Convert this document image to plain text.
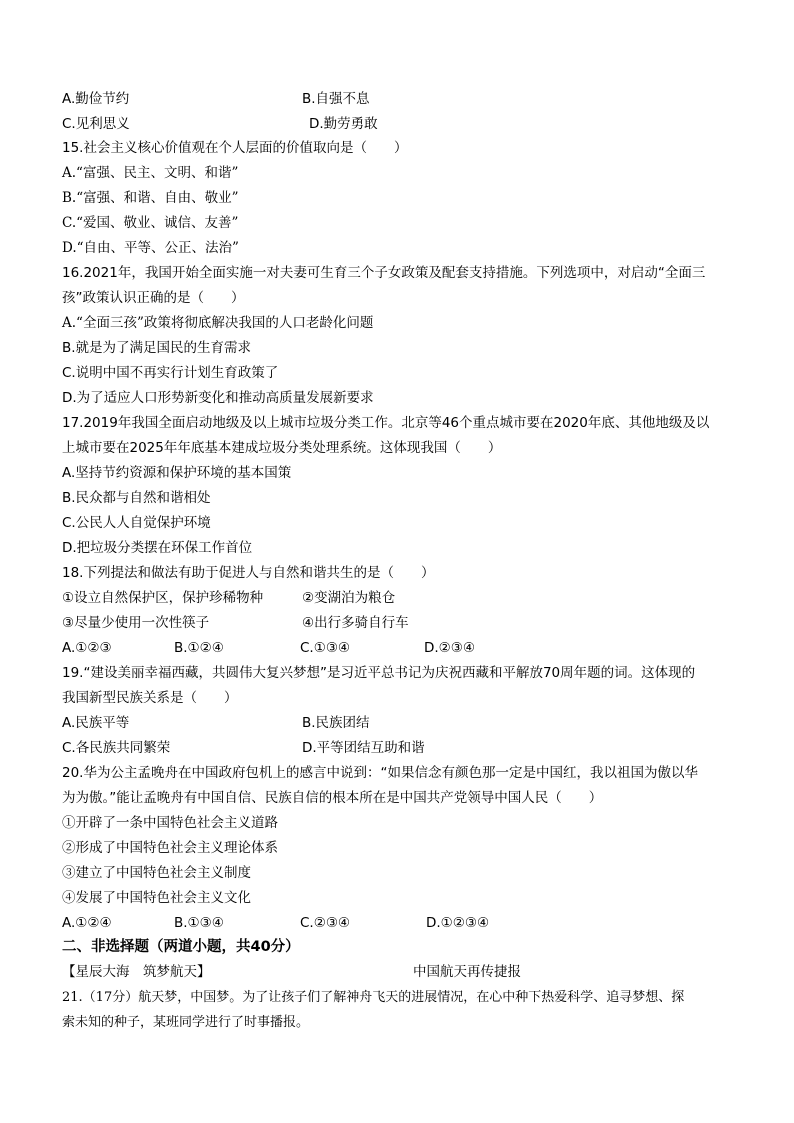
A.勤俭节约	B.自强不息
C.见利思义	D.勤劳勇敢
15.社会主义核心价值观在个人层面的价值取向是（　　）
A.“富强、民主、文明、和谐”
B.“富强、和谐、自由、敬业”
C.“爱国、敬业、诚信、友善”
D.“自由、平等、公正、法治”
16.2021年，我国开始全面实施一对夫妻可生育三个子女政策及配套支持措施。下列选项中，对启动“全面三
孩”政策认识正确的是（　　）
A.“全面三孩”政策将彻底解决我国的人口老龄化问题
B.就是为了满足国民的生育需求
C.说明中国不再实行计划生育政策了
D.为了适应人口形势新变化和推动高质量发展新要求
17.2019年我国全面启动地级及以上城市垃圾分类工作。北京等46个重点城市要在2020年底、其他地级及以
上城市要在2025年年底基本建成垃圾分类处理系统。这体现我国（　　）
A.坚持节约资源和保护环境的基本国策
B.民众都与自然和谐相处
C.公民人人自觉保护环境
D.把垃圾分类摆在环保工作首位
18.下列提法和做法有助于促进人与自然和谐共生的是（　　）
①设立自然保护区，保护珍稀物种	②变湖泊为粮仓
③尽量少使用一次性筷子	④出行多骑自行车
A.①②③	B.①②④	C.①③④	D.②③④
19.“建设美丽幸福西藏，共圆伟大复兴梦想”是习近平总书记为庆祝西藏和平解放70周年题的词。这体现的
我国新型民族关系是（　　）
A.民族平等	B.民族团结
C.各民族共同繁荣	D.平等团结互助和谐
20.华为公主孟晚舟在中国政府包机上的感言中说到：“如果信念有颜色那一定是中国红，我以祖国为傲以华
为为傲。”能让孟晚舟有中国自信、民族自信的根本所在是中国共产党领导中国人民（　　）
①开辟了一条中国特色社会主义道路
②形成了中国特色社会主义理论体系
③建立了中国特色社会主义制度
④发展了中国特色社会主义文化
A.①②④	B.①③④	C.②③④	D.①②③④
二、非选择题（两道小题，共40分）
【星辰大海　筑梦航天】	中国航天再传捷报
21.（17分）航天梦，中国梦。为了让孩子们了解神舟飞天的进展情况，在心中种下热爱科学、追寻梦想、探
索未知的种子，某班同学进行了时事播报。
